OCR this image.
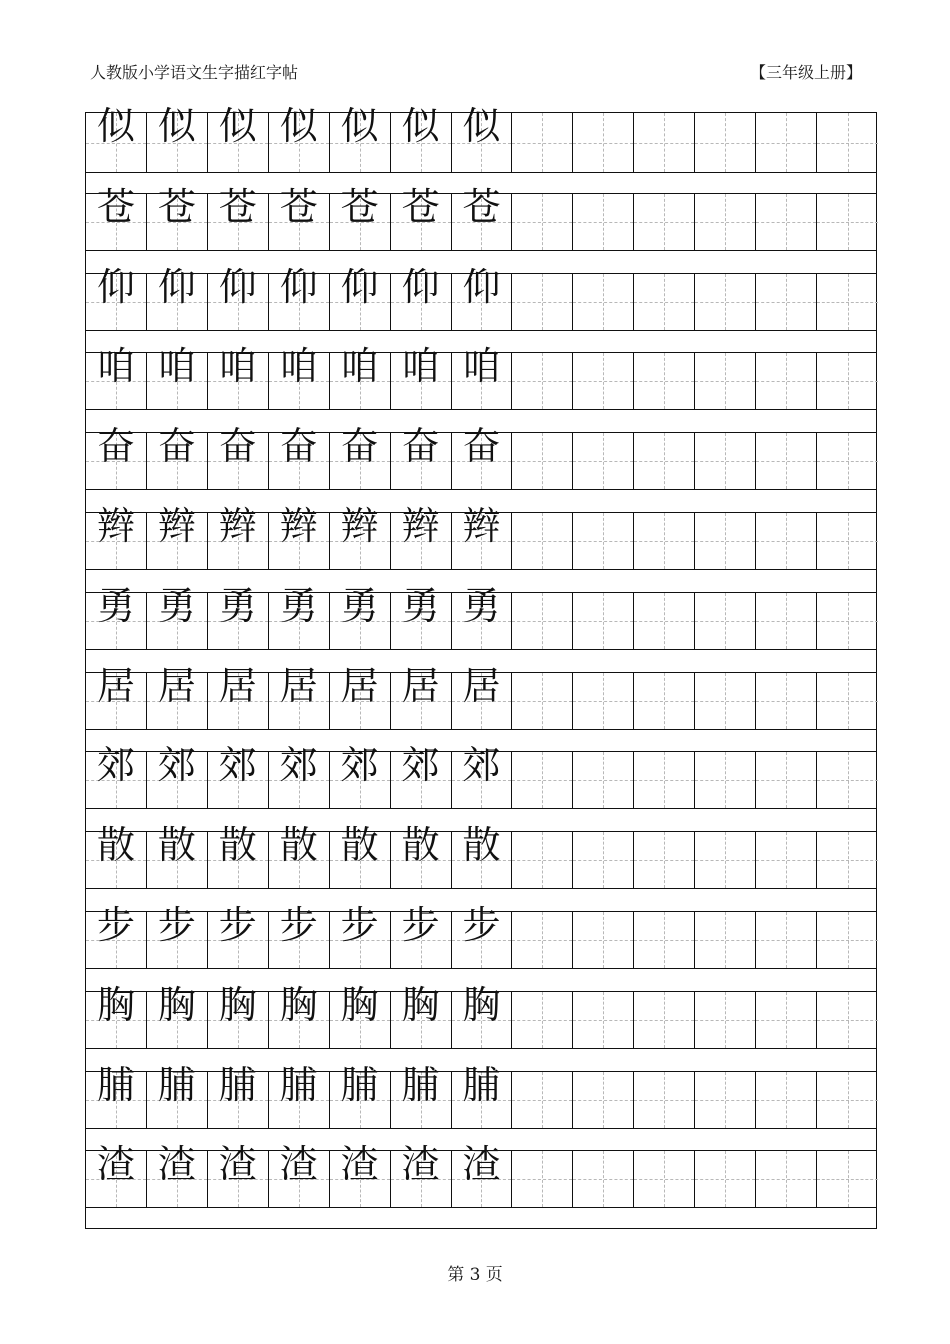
人教版小学语文生字描红字帖	【三年级上册】
似 似 似 似 似 似 似
苍 苍 苍 苍 苍 苍 苍
仰 仰 仰 仰 仰 仰 仰
咱 咱 咱 咱 咱 咱 咱
奋 奋 奋 奋 奋 奋 奋
辫 辫 辫 辫 辫 辫 辫
勇 勇 勇 勇 勇 勇 勇
居 居 居 居 居 居 居
郊 郊 郊 郊 郊 郊 郊
散 散 散 散 散 散 散
步 步 步 步 步 步 步
胸 胸 胸 胸 胸 胸 胸
脯 脯 脯 脯 脯 脯 脯
渣 渣 渣 渣 渣 渣 渣
第 3 页
